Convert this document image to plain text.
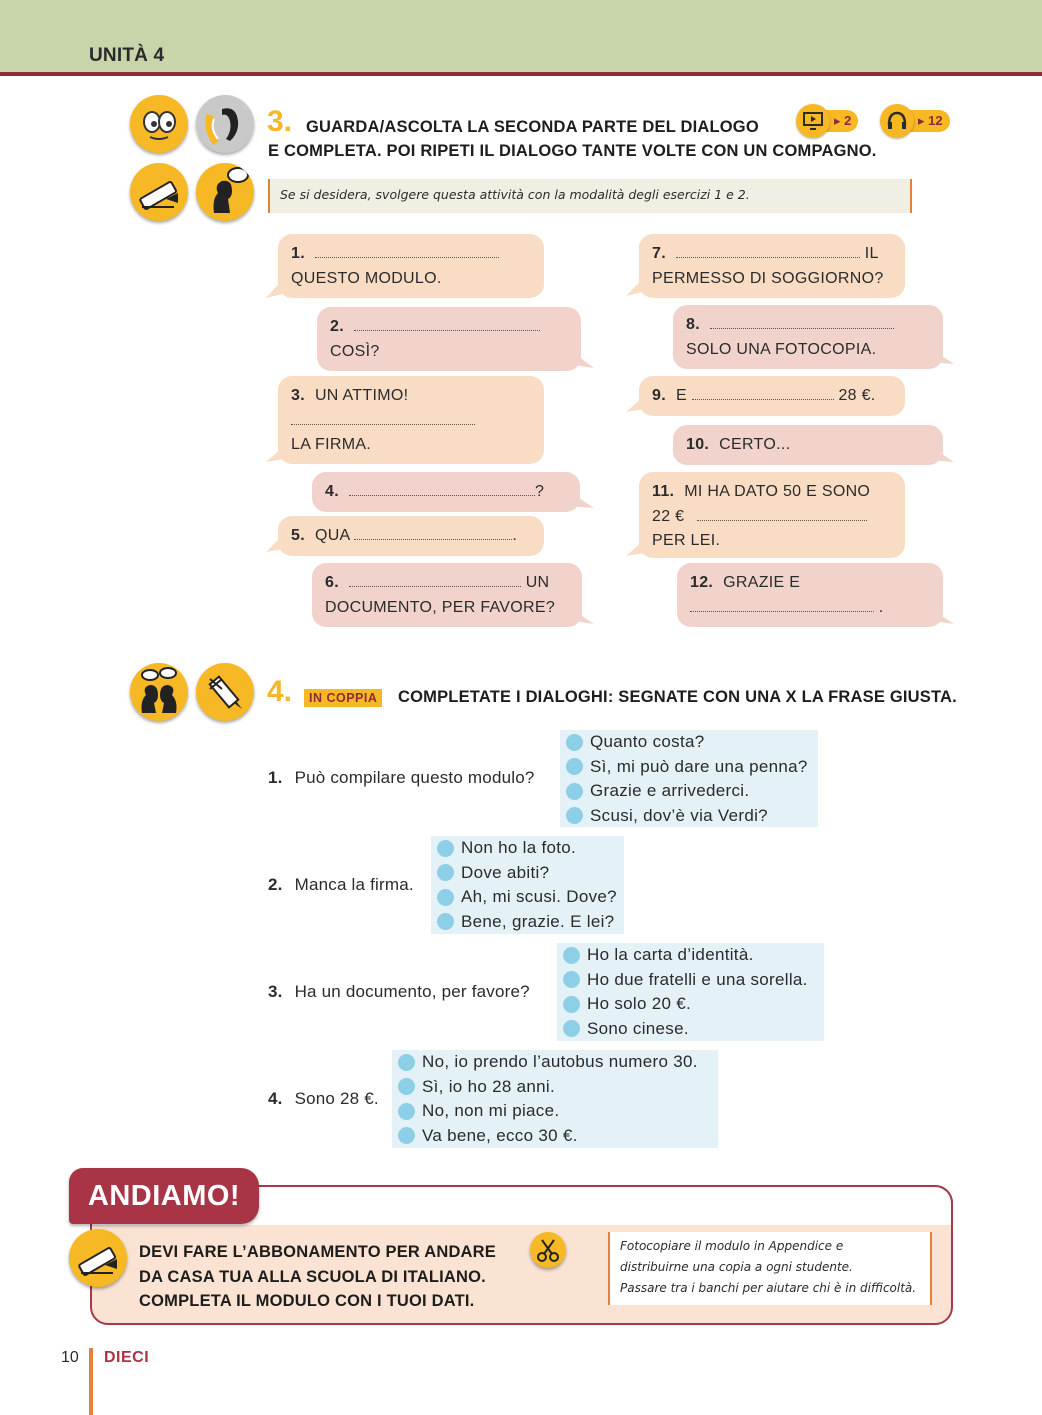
UNITÀ 4
3. GUARDA/ASCOLTA LA SECONDA PARTE DEL DIALOGO
E COMPLETA. POI RIPETI IL DIALOGO TANTE VOLTE CON UN COMPAGNO.
▸ 2	▸ 12
Se si desidera, svolgere questa attività con la modalità degli esercizi 1 e 2.
1.
QUESTO MODULO.
2.
COSÌ?
3. UN ATTIMO!
LA FIRMA.
4.	?
5. QUA	.
6.	UN
DOCUMENTO, PER FAVORE?
7.	IL
PERMESSO DI SOGGIORNO?
8.
SOLO UNA FOTOCOPIA.
9. E	28 €.
10. CERTO...
11. MI HA DATO 50 E SONO
22 €
PER LEI.
12. GRAZIE E
.
4.	IN COPPIA	COMPLETATE I DIALOGHI: SEGNATE CON UNA X LA FRASE GIUSTA.
1. Può compilare questo modulo?
Quanto costa?
Sì, mi può dare una penna?
Grazie e arrivederci.
Scusi, dov’è via Verdi?
2. Manca la firma.
Non ho la foto.
Dove abiti?
Ah, mi scusi. Dove?
Bene, grazie. E lei?
3. Ha un documento, per favore?
Ho la carta d’identità.
Ho due fratelli e una sorella.
Ho solo 20 €.
Sono cinese.
4. Sono 28 €.
No, io prendo l’autobus numero 30.
Sì, io ho 28 anni.
No, non mi piace.
Va bene, ecco 30 €.
ANDIAMO!
DEVI FARE L’ABBONAMENTO PER ANDARE
DA CASA TUA ALLA SCUOLA DI ITALIANO.
COMPLETA IL MODULO CON I TUOI DATI.
Fotocopiare il modulo in Appendice e
distribuirne una copia a ogni studente.
Passare tra i banchi per aiutare chi è in difficoltà.
10 DIECI
